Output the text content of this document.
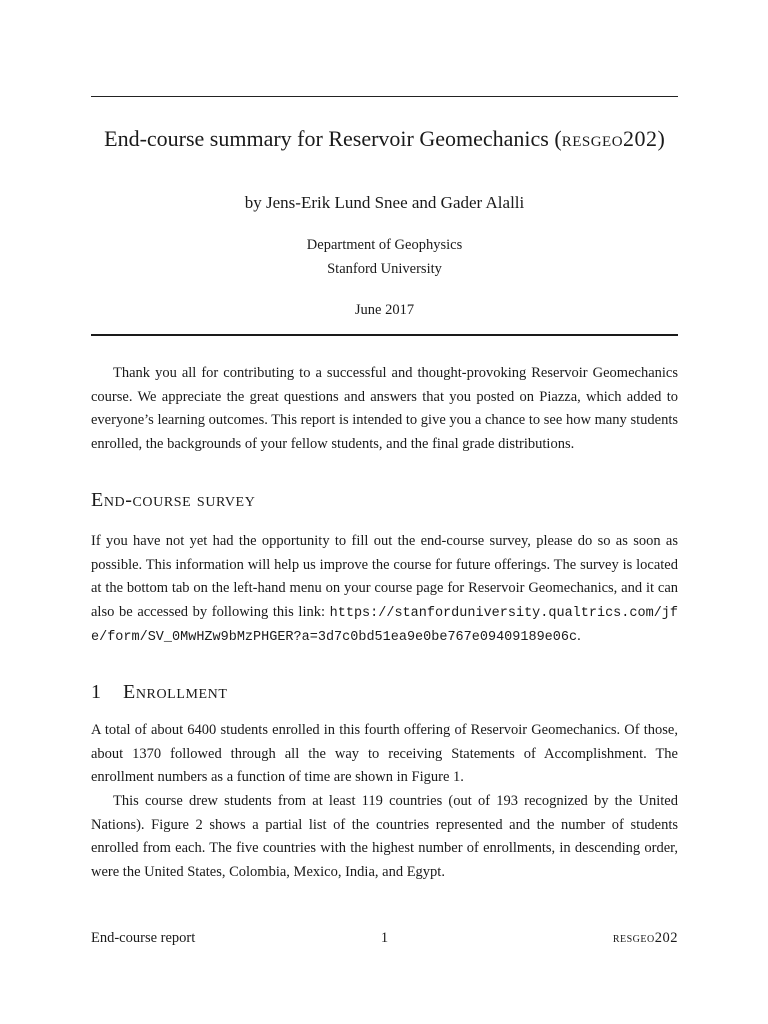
End-course summary for Reservoir Geomechanics (resgeo202)
by Jens-Erik Lund Snee and Gader Alalli
Department of Geophysics
Stanford University
June 2017

Thank you all for contributing to a successful and thought-provoking Reservoir Geomechanics course. We appreciate the great questions and answers that you posted on Piazza, which added to everyone’s learning outcomes. This report is intended to give you a chance to see how many students enrolled, the backgrounds of your fellow students, and the final grade distributions.

End-course survey

If you have not yet had the opportunity to fill out the end-course survey, please do so as soon as possible. This information will help us improve the course for future offerings. The survey is located at the bottom tab on the left-hand menu on your course page for Reservoir Geomechanics, and it can also be accessed by following this link: https://stanforduniversity.qualtrics.com/jfe/form/SV_0MwHZw9bMzPHGER?a=3d7c0bd51ea9e0be767e09409189e06c.

1 Enrollment

A total of about 6400 students enrolled in this fourth offering of Reservoir Geomechanics. Of those, about 1370 followed through all the way to receiving Statements of Accomplishment. The enrollment numbers as a function of time are shown in Figure 1.

This course drew students from at least 119 countries (out of 193 recognized by the United Nations). Figure 2 shows a partial list of the countries represented and the number of students enrolled from each. The five countries with the highest number of enrollments, in descending order, were the United States, Colombia, Mexico, India, and Egypt.

End-course report	1	resgeo202
